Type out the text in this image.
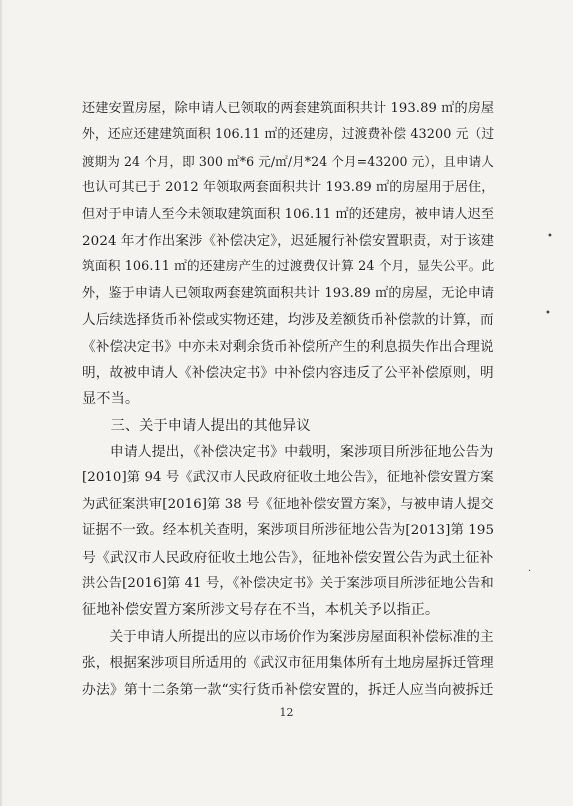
还建安置房屋，除申请人已领取的两套建筑面积共计 193.89 ㎡的房屋
外，还应还建建筑面积 106.11 ㎡的还建房，过渡费补偿 43200 元（过
渡期为 24 个月，即 300 ㎡*6 元/㎡/月*24 个月=43200 元），且申请人
也认可其已于 2012 年领取两套面积共计 193.89 ㎡的房屋用于居住，
但对于申请人至今未领取建筑面积 106.11 ㎡的还建房，被申请人迟至
2024 年才作出案涉《补偿决定》，迟延履行补偿安置职责，对于该建
筑面积 106.11 ㎡的还建房产生的过渡费仅计算 24 个月，显失公平。此
外，鉴于申请人已领取两套建筑面积共计 193.89 ㎡的房屋，无论申请
人后续选择货币补偿或实物还建，均涉及差额货币补偿款的计算，而
《补偿决定书》中亦未对剩余货币补偿所产生的利息损失作出合理说
明，故被申请人《补偿决定书》中补偿内容违反了公平补偿原则，明
显不当。
　　三、关于申请人提出的其他异议
　　申请人提出，《补偿决定书》中载明，案涉项目所涉征地公告为
[2010]第 94 号《武汉市人民政府征收土地公告》，征地补偿安置方案
为武征案洪审[2016]第 38 号《征地补偿安置方案》，与被申请人提交
证据不一致。经本机关查明，案涉项目所涉征地公告为[2013]第 195
号《武汉市人民政府征收土地公告》，征地补偿安置公告为武土征补
洪公告[2016]第 41 号，《补偿决定书》关于案涉项目所涉征地公告和
征地补偿安置方案所涉文号存在不当，本机关予以指正。
　　关于申请人所提出的应以市场价作为案涉房屋面积补偿标准的主
张，根据案涉项目所适用的《武汉市征用集体所有土地房屋拆迁管理
办法》第十二条第一款“实行货币补偿安置的，拆迁人应当向被拆迁
12
•
•
·
